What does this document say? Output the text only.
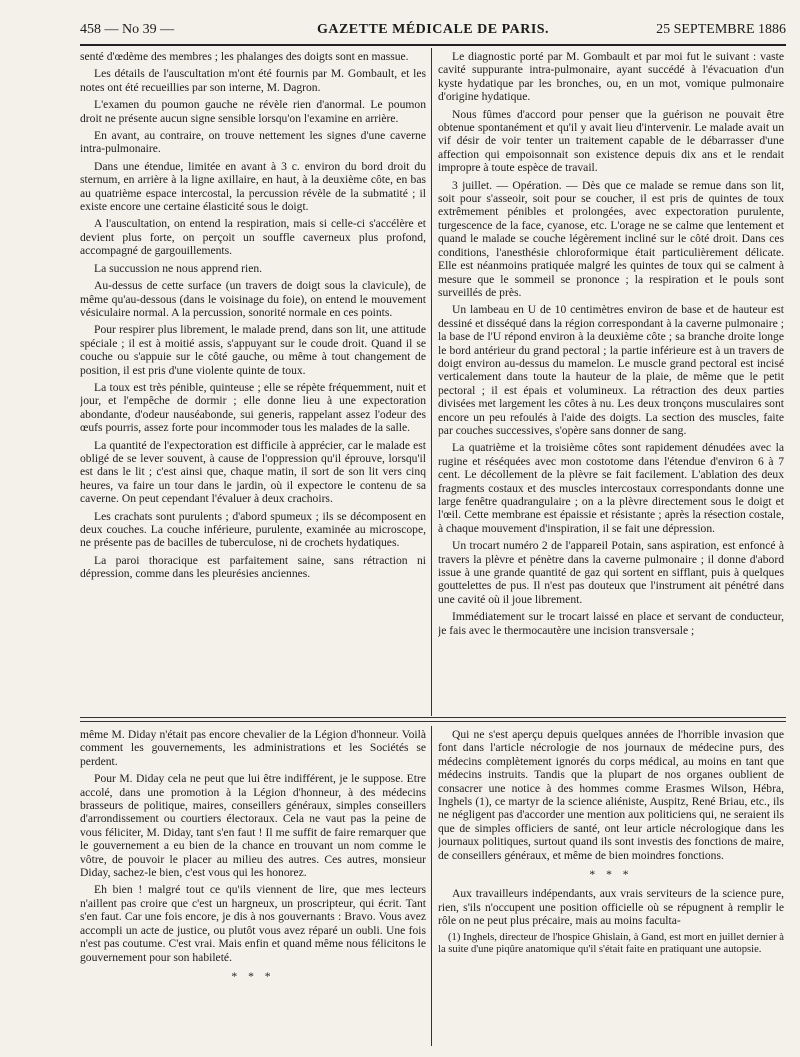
458 — No 39 —	GAZETTE MÉDICALE DE PARIS.	25 SEPTEMBRE 1886

senté d'œdème des membres ; les phalanges des doigts sont en massue.

Les détails de l'auscultation m'ont été fournis par M. Gombault, et les notes ont été recueillies par son interne, M. Dagron.

L'examen du poumon gauche ne révèle rien d'anormal. Le poumon droit ne présente aucun signe sensible lorsqu'on l'examine en arrière.

En avant, au contraire, on trouve nettement les signes d'une caverne intra-pulmonaire.

Dans une étendue, limitée en avant à 3 c. environ du bord droit du sternum, en arrière à la ligne axillaire, en haut, à la deuxième côte, en bas au quatrième espace intercostal, la percussion révèle de la submatité ; il existe encore une certaine élasticité sous le doigt.

A l'auscultation, on entend la respiration, mais si celle-ci s'accélère et devient plus forte, on perçoit un souffle caverneux plus profond, accompagné de gargouillements.

La succussion ne nous apprend rien.

Au-dessus de cette surface (un travers de doigt sous la clavicule), de même qu'au-dessous (dans le voisinage du foie), on entend le mouvement vésiculaire normal. A la percussion, sonorité normale en ces points.

Pour respirer plus librement, le malade prend, dans son lit, une attitude spéciale ; il est à moitié assis, s'appuyant sur le coude droit. Quand il se couche ou s'appuie sur le côté gauche, ou même à tout changement de position, il est pris d'une violente quinte de toux.

La toux est très pénible, quinteuse ; elle se répète fréquemment, nuit et jour, et l'empêche de dormir ; elle donne lieu à une expectoration abondante, d'odeur nauséabonde, sui generis, rappelant assez l'odeur des œufs pourris, assez forte pour incommoder tous les malades de la salle.

La quantité de l'expectoration est difficile à apprécier, car le malade est obligé de se lever souvent, à cause de l'oppression qu'il éprouve, lorsqu'il est dans le lit ; c'est ainsi que, chaque matin, il sort de son lit vers cinq heures, va faire un tour dans le jardin, où il expectore le contenu de sa caverne. On peut cependant l'évaluer à deux crachoirs.

Les crachats sont purulents ; d'abord spumeux ; ils se décomposent en deux couches. La couche inférieure, purulente, examinée au microscope, ne présente pas de bacilles de tuberculose, ni de crochets hydatiques.

La paroi thoracique est parfaitement saine, sans rétraction ni dépression, comme dans les pleurésies anciennes.

Le diagnostic porté par M. Gombault et par moi fut le suivant : vaste cavité suppurante intra-pulmonaire, ayant succédé à l'évacuation d'un kyste hydatique par les bronches, ou, en un mot, vomique pulmonaire d'origine hydatique.

Nous fûmes d'accord pour penser que la guérison ne pouvait être obtenue spontanément et qu'il y avait lieu d'intervenir. Le malade avait un vif désir de voir tenter un traitement capable de le débarrasser d'une affection qui empoisonnait son existence depuis dix ans et le rendait impropre à toute espèce de travail.

3 juillet. — Opération. — Dès que ce malade se remue dans son lit, soit pour s'asseoir, soit pour se coucher, il est pris de quintes de toux extrêmement pénibles et prolongées, avec expectoration purulente, turgescence de la face, cyanose, etc. L'orage ne se calme que lentement et quand le malade se couche légèrement incliné sur le côté droit. Dans ces conditions, l'anesthésie chloroformique était particulièrement délicate. Elle est néanmoins pratiquée malgré les quintes de toux qui se calment à mesure que le sommeil se prononce ; la respiration et le pouls sont surveillés de près.

Un lambeau en U de 10 centimètres environ de base et de hauteur est dessiné et disséqué dans la région correspondant à la caverne pulmonaire ; la base de l'U répond environ à la deuxième côte ; sa branche droite longe le bord antérieur du grand pectoral ; la partie inférieure est à un travers de doigt environ au-dessus du mamelon. Le muscle grand pectoral est incisé verticalement dans toute la hauteur de la plaie, de même que le petit pectoral ; il est épais et volumineux. La rétraction des deux parties divisées met largement les côtes à nu. Les deux tronçons musculaires sont encore un peu refoulés à l'aide des doigts. La section des muscles, faite par couches successives, s'opère sans donner de sang.

La quatrième et la troisième côtes sont rapidement dénudées avec la rugine et réséquées avec mon costotome dans l'étendue d'environ 6 à 7 cent. Le décollement de la plèvre se fait facilement. L'ablation des deux fragments costaux et des muscles intercostaux correspondants donne une large fenêtre quadrangulaire ; on a la plèvre directement sous le doigt et l'œil. Cette membrane est épaissie et résistante ; après la résection costale, à chaque mouvement d'inspiration, il se fait une dépression.

Un trocart numéro 2 de l'appareil Potain, sans aspiration, est enfoncé à travers la plèvre et pénètre dans la caverne pulmonaire ; il donne d'abord issue à une grande quantité de gaz qui sortent en sifflant, puis à quelques gouttelettes de pus. Il n'est pas douteux que l'instrument ait pénétré dans une cavité où il joue librement.

Immédiatement sur le trocart laissé en place et servant de conducteur, je fais avec le thermocautère une incision transversale ;

même M. Diday n'était pas encore chevalier de la Légion d'honneur. Voilà comment les gouvernements, les administrations et les Sociétés se perdent.

Pour M. Diday cela ne peut que lui être indifférent, je le suppose. Etre accolé, dans une promotion à la Légion d'honneur, à des médecins brasseurs de politique, maires, conseillers généraux, simples conseillers d'arrondissement ou courtiers électoraux. Cela ne vaut pas la peine de vous féliciter, M. Diday, tant s'en faut ! Il me suffit de faire remarquer que le gouvernement a eu bien de la chance en trouvant un nom comme le vôtre, de pouvoir le placer au milieu des autres. Ces autres, monsieur Diday, sachez-le bien, c'est vous qui les honorez.

Eh bien ! malgré tout ce qu'ils viennent de lire, que mes lecteurs n'aillent pas croire que c'est un hargneux, un proscripteur, qui écrit. Tant s'en faut. Car une fois encore, je dis à nos gouvernants : Bravo. Vous avez accompli un acte de justice, ou plutôt vous avez réparé un oubli. Une fois n'est pas coutume. C'est vrai. Mais enfin et quand même nous félicitons le gouvernement pour son habileté.

* * *

Qui ne s'est aperçu depuis quelques années de l'horrible invasion que font dans l'article nécrologie de nos journaux de médecine purs, des médecins complètement ignorés du corps médical, au moins en tant que médecins instruits. Tandis que la plupart de nos organes oublient de consacrer une notice à des hommes comme Erasmes Wilson, Hébra, Inghels (1), ce martyr de la science aliéniste, Auspitz, René Briau, etc., ils ne négligent pas d'accorder une mention aux politiciens qui, ne seraient ils que de simples officiers de santé, ont leur article nécrologique dans les journaux politiques, surtout quand ils sont investis des fonctions de maire, de conseillers généraux, et même de bien moindres fonctions.

* * *

Aux travailleurs indépendants, aux vrais serviteurs de la science pure, rien, s'ils n'occupent une position officielle où se répugnent à remplir le rôle on ne peut plus précaire, mais au moins faculta-

(1) Inghels, directeur de l'hospice Ghislain, à Gand, est mort en juillet dernier à la suite d'une piqûre anatomique qu'il s'était faite en pratiquant une autopsie.
